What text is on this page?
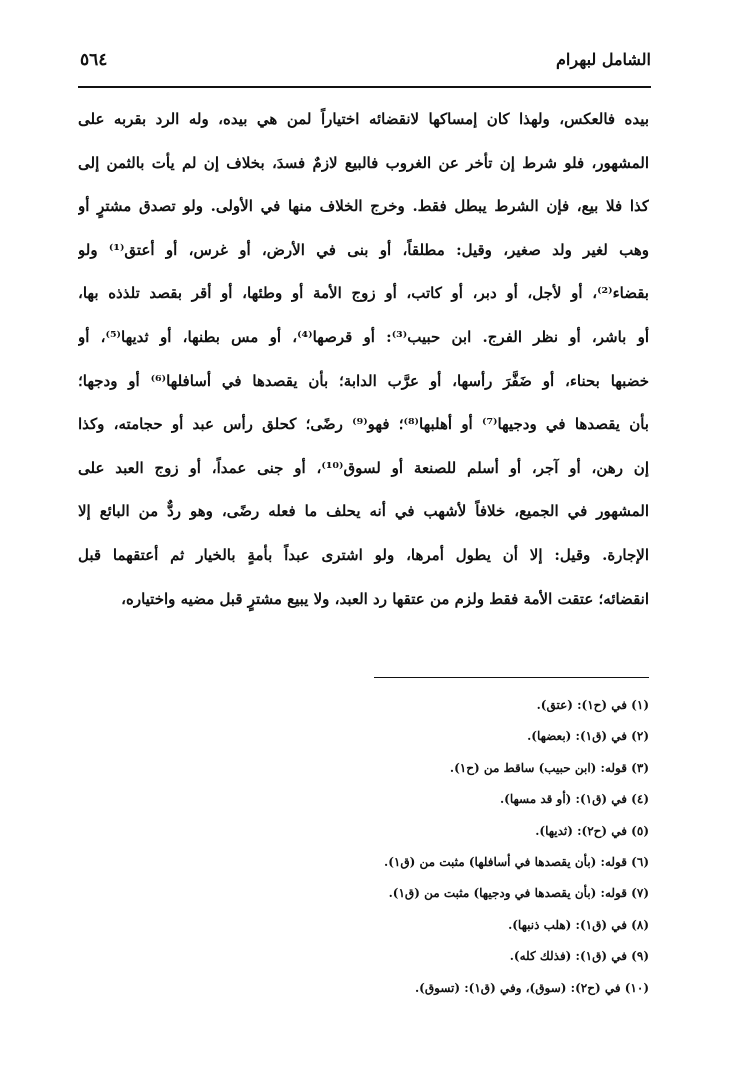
الشامل لبهرام
٥٦٤
بيده فالعكس، ولهذا كان إمساكها لانقضائه اختياراً لمن هي بيده، وله الرد بقربه على
المشهور، فلو شرط إن تأخر عن الغروب فالبيع لازمٌ فسدَ، بخلاف إن لم يأت بالثمن إلى
كذا فلا بيع، فإن الشرط يبطل فقط. وخرج الخلاف منها في الأولى. ولو تصدق مشترٍ أو
وهب لغير ولد صغير، وقيل: مطلقاً، أو بنى في الأرض، أو غرس، أو أعتق⁽¹⁾ ولو
بقضاء⁽²⁾، أو لأجل، أو دبر، أو كاتب، أو زوج الأمة أو وطئها، أو أقر بقصد تلذذه بها،
أو باشر، أو نظر الفرج. ابن حبيب⁽³⁾: أو قرصها⁽⁴⁾، أو مس بطنها، أو ثديها⁽⁵⁾، أو
خضبها بحناء، أو ضَفَّرَ رأسها، أو عرَّب الدابة؛ بأن يقصدها في أسافلها⁽⁶⁾ أو ودجها؛
بأن يقصدها في ودجيها⁽⁷⁾ أو أهلبها⁽⁸⁾؛ فهو⁽⁹⁾ رضًى؛ كحلق رأس عبد أو حجامته، وكذا
إن رهن، أو آجر، أو أسلم للصنعة أو لسوق⁽¹⁰⁾، أو جنى عمداً، أو زوج العبد على
المشهور في الجميع، خلافاً لأشهب في أنه يحلف ما فعله رضًى، وهو ردٌّ من البائع إلا
الإجارة. وقيل: إلا أن يطول أمرها، ولو اشترى عبداً بأمةٍ بالخيار ثم أعتقهما قبل
انقضائه؛ عتقت الأمة فقط ولزم من عتقها رد العبد، ولا يبيع مشترٍ قبل مضيه واختياره،
(١) في (ح١): (عتق).
(٢) في (ق١): (بعضها).
(٣) قوله: (ابن حبيب) ساقط من (ح١).
(٤) في (ق١): (أو قد مسها).
(٥) في (ح٢): (ثديها).
(٦) قوله: (بأن يقصدها في أسافلها) مثبت من (ق١).
(٧) قوله: (بأن يقصدها في ودجيها) مثبت من (ق١).
(٨) في (ق١): (هلب ذنبها).
(٩) في (ق١): (فذلك كله).
(١٠) في (ح٢): (سوق)، وفي (ق١): (تسوق).
